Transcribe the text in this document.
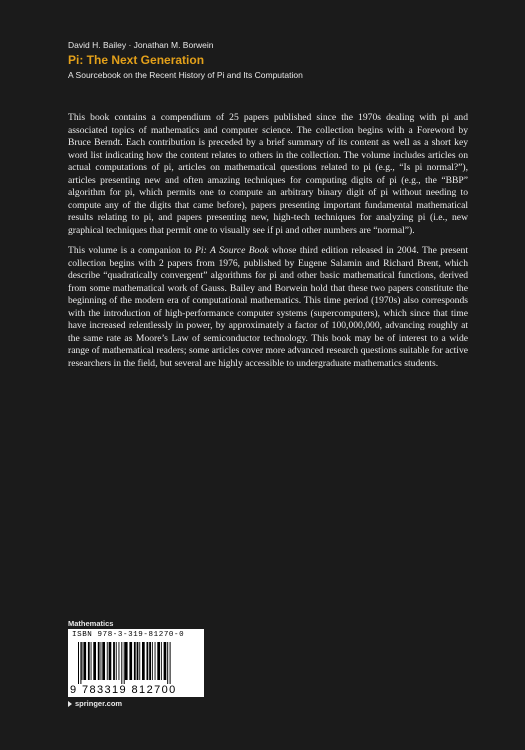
David H. Bailey · Jonathan M. Borwein
Pi: The Next Generation
A Sourcebook on the Recent History of Pi and Its Computation

This book contains a compendium of 25 papers published since the 1970s dealing with pi and associated topics of mathematics and computer science. The collection begins with a Foreword by Bruce Berndt. Each contribution is preceded by a brief summary of its content as well as a short key word list indicating how the content relates to others in the collection. The volume includes articles on actual computations of pi, articles on mathematical questions related to pi (e.g., “Is pi normal?”), articles presenting new and often amazing techniques for computing digits of pi (e.g., the “BBP” algorithm for pi, which permits one to compute an arbitrary binary digit of pi without needing to compute any of the digits that came before), papers presenting important fundamental mathematical results relating to pi, and papers presenting new, high-tech techniques for analyzing pi (i.e., new graphical techniques that permit one to visually see if pi and other numbers are “normal”).

This volume is a companion to Pi: A Source Book whose third edition released in 2004. The present collection begins with 2 papers from 1976, published by Eugene Salamin and Richard Brent, which describe “quadratically convergent” algorithms for pi and other basic mathematical functions, derived from some mathematical work of Gauss. Bailey and Borwein hold that these two papers constitute the beginning of the modern era of computational mathematics. This time period (1970s) also corresponds with the introduction of high-performance computer systems (supercomputers), which since that time have increased relentlessly in power, by approximately a factor of 100,000,000, advancing roughly at the same rate as Moore’s Law of semiconductor technology. This book may be of interest to a wide range of mathematical readers; some articles cover more advanced research questions suitable for active researchers in the field, but several are highly accessible to undergraduate mathematics students.

Mathematics
ISBN 978-3-319-81270-0
9 783319 812700
springer.com
